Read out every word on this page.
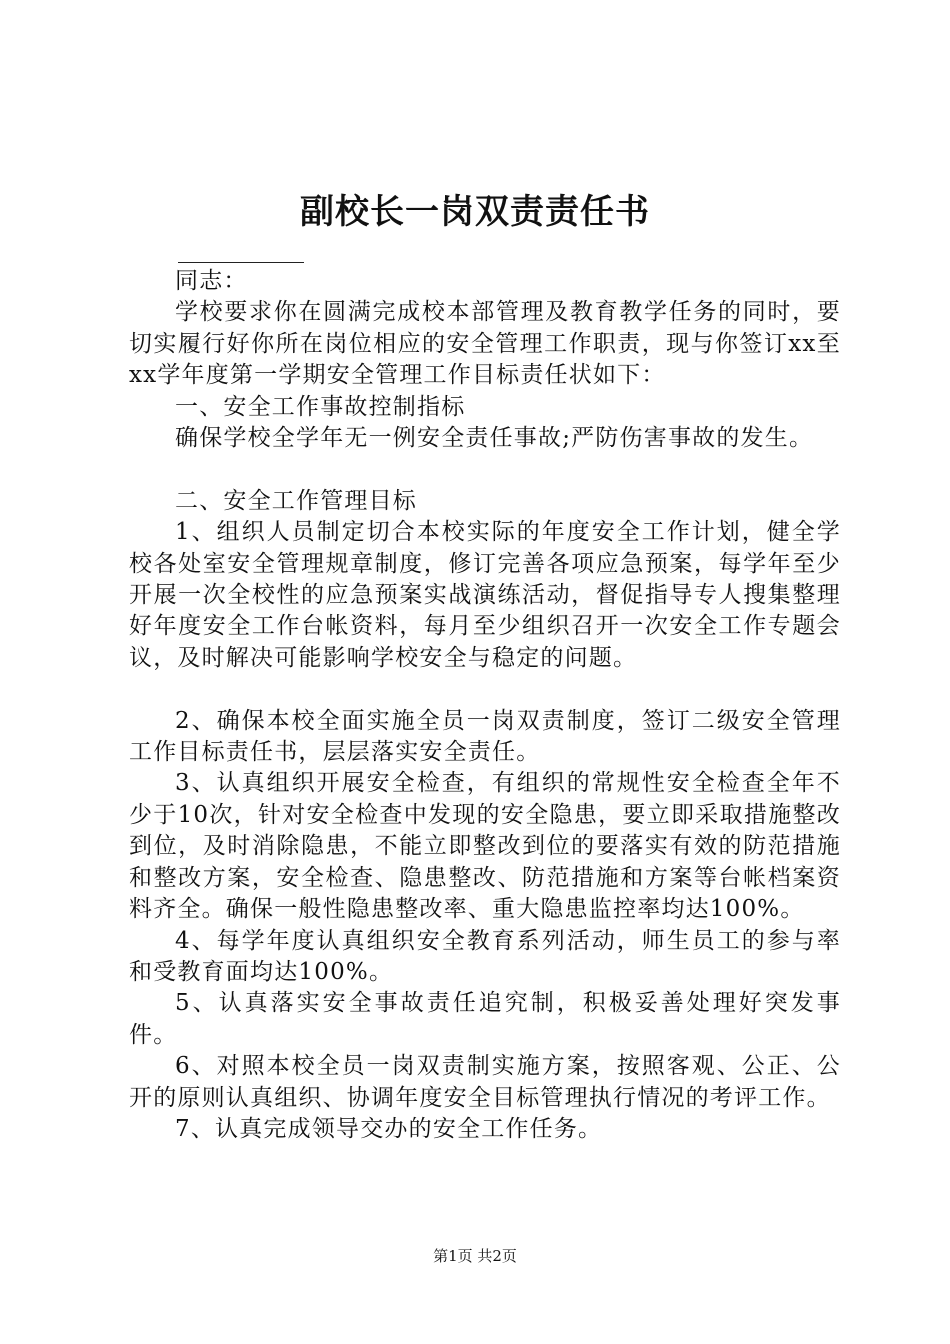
副校长一岗双责责任书

同志：

学校要求你在圆满完成校本部管理及教育教学任务的同时，要切实履行好你所在岗位相应的安全管理工作职责，现与你签订xx至xx学年度第一学期安全管理工作目标责任状如下：

一、安全工作事故控制指标

确保学校全学年无一例安全责任事故;严防伤害事故的发生。

二、安全工作管理目标

1、组织人员制定切合本校实际的年度安全工作计划，健全学校各处室安全管理规章制度，修订完善各项应急预案，每学年至少开展一次全校性的应急预案实战演练活动，督促指导专人搜集整理好年度安全工作台帐资料，每月至少组织召开一次安全工作专题会议，及时解决可能影响学校安全与稳定的问题。

2、确保本校全面实施全员一岗双责制度，签订二级安全管理工作目标责任书，层层落实安全责任。

3、认真组织开展安全检查，有组织的常规性安全检查全年不少于10次，针对安全检查中发现的安全隐患，要立即采取措施整改到位，及时消除隐患，不能立即整改到位的要落实有效的防范措施和整改方案，安全检查、隐患整改、防范措施和方案等台帐档案资料齐全。确保一般性隐患整改率、重大隐患监控率均达100%。

4、每学年度认真组织安全教育系列活动，师生员工的参与率和受教育面均达100%。

5、认真落实安全事故责任追究制，积极妥善处理好突发事件。

6、对照本校全员一岗双责制实施方案，按照客观、公正、公开的原则认真组织、协调年度安全目标管理执行情况的考评工作。

7、认真完成领导交办的安全工作任务。

第1页 共2页
